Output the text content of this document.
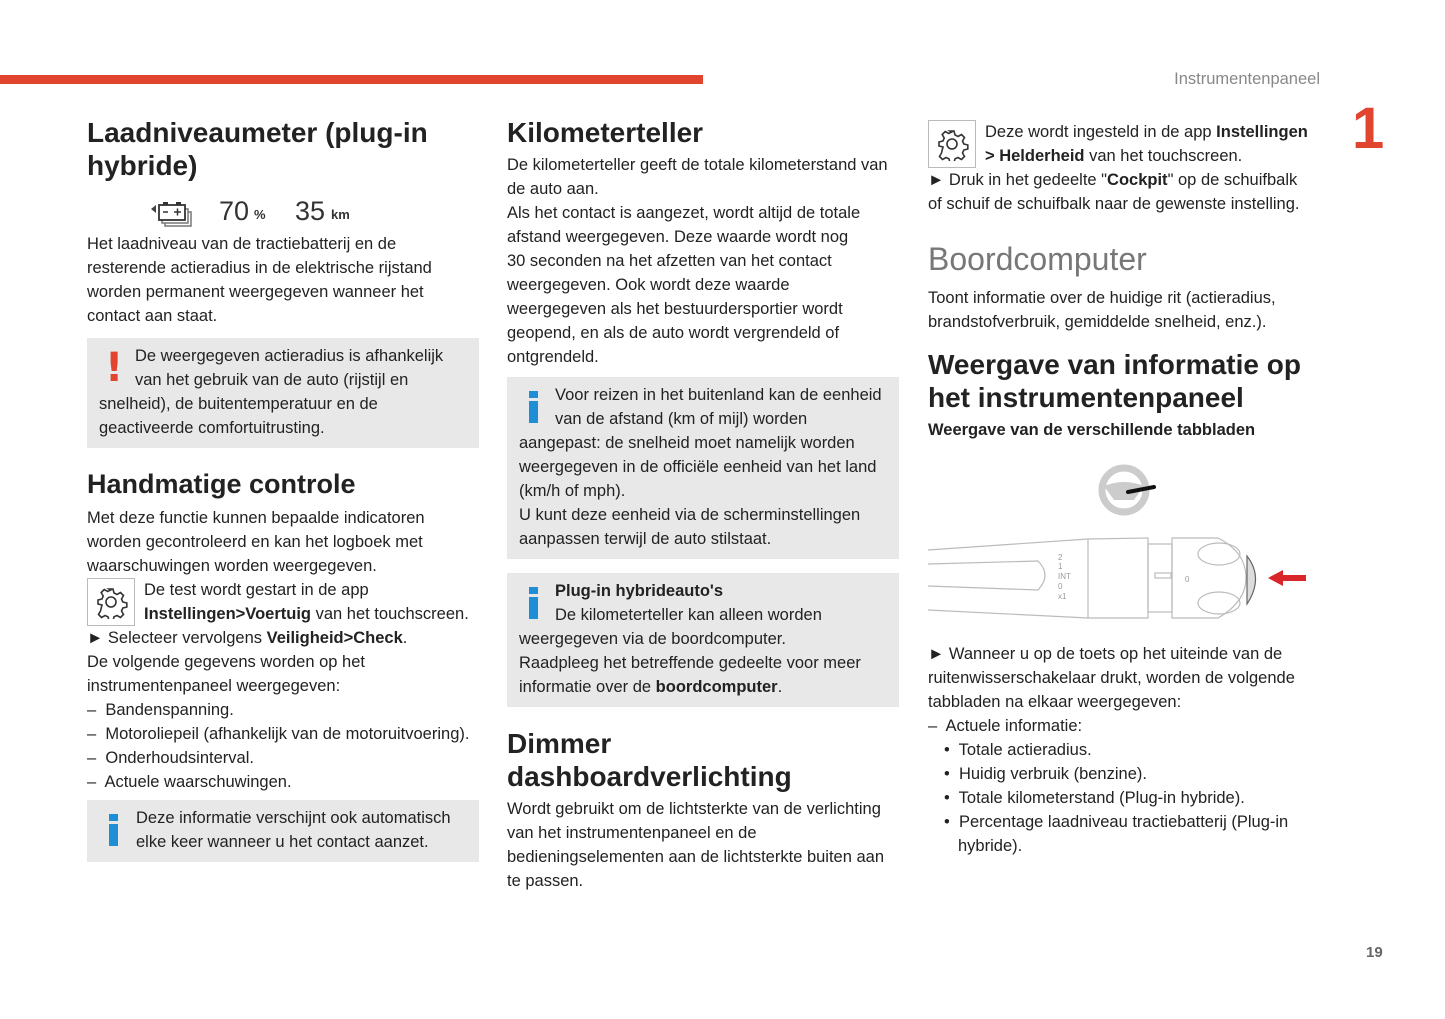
Instrumentenpaneel
1
19
Laadniveaumeter (plug-in hybride)
70 % 35 km

Het laadniveau van de tractiebatterij en de resterende actieradius in de elektrische rijstand worden permanent weergegeven wanneer het contact aan staat.

! De weergegeven actieradius is afhankelijk van het gebruik van de auto (rijstijl en snelheid), de buitentemperatuur en de geactiveerde comfortuitrusting.
Handmatige controle

Met deze functie kunnen bepaalde indicatoren worden gecontroleerd en kan het logboek met waarschuwingen worden weergegeven.

De test wordt gestart in de app Instellingen>Voertuig van het touchscreen.

► Selecteer vervolgens Veiligheid>Check.

De volgende gegevens worden op het instrumentenpaneel weergegeven:

–  Bandenspanning.
–  Motoroliepeil (afhankelijk van de motoruitvoering).
–  Onderhoudsinterval.
–  Actuele waarschuwingen.
Deze informatie verschijnt ook automatisch elke keer wanneer u het contact aanzet.
Kilometerteller

De kilometerteller geeft de totale kilometerstand van de auto aan.

Als het contact is aangezet, wordt altijd de totale afstand weergegeven. Deze waarde wordt nog 30 seconden na het afzetten van het contact weergegeven. Ook wordt deze waarde weergegeven als het bestuurdersportier wordt geopend, en als de auto wordt vergrendeld of ontgrendeld.

Voor reizen in het buitenland kan de eenheid van de afstand (km of mijl) worden aangepast: de snelheid moet namelijk worden weergegeven in de officiële eenheid van het land (km/h of mph).
U kunt deze eenheid via de scherminstellingen aanpassen terwijl de auto stilstaat.
Plug-in hybrideauto's
De kilometerteller kan alleen worden weergegeven via de boordcomputer.
Raadpleeg het betreffende gedeelte voor meer informatie over de boordcomputer.
Dimmer dashboardverlichting

Wordt gebruikt om de lichtsterkte van de verlichting van het instrumentenpaneel en de bedieningselementen aan de lichtsterkte buiten aan te passen.

Deze wordt ingesteld in de app Instellingen > Helderheid van het touchscreen.

► Druk in het gedeelte "Cockpit" op de schuifbalk of schuif de schuifbalk naar de gewenste instelling.

Boordcomputer

Toont informatie over de huidige rit (actieradius, brandstofverbruik, gemiddelde snelheid, enz.).

Weergave van informatie op het instrumentenpaneel

Weergave van de verschillende tabbladen

2
1
INT
0
x1
0

► Wanneer u op de toets op het uiteinde van de ruitenwisserschakelaar drukt, worden de volgende tabbladen na elkaar weergegeven:

–  Actuele informatie:

•  Totale actieradius.
•  Huidig verbruik (benzine).
•  Totale kilometerstand (Plug-in hybride).
•  Percentage laadniveau tractiebatterij (Plug-in hybride).
